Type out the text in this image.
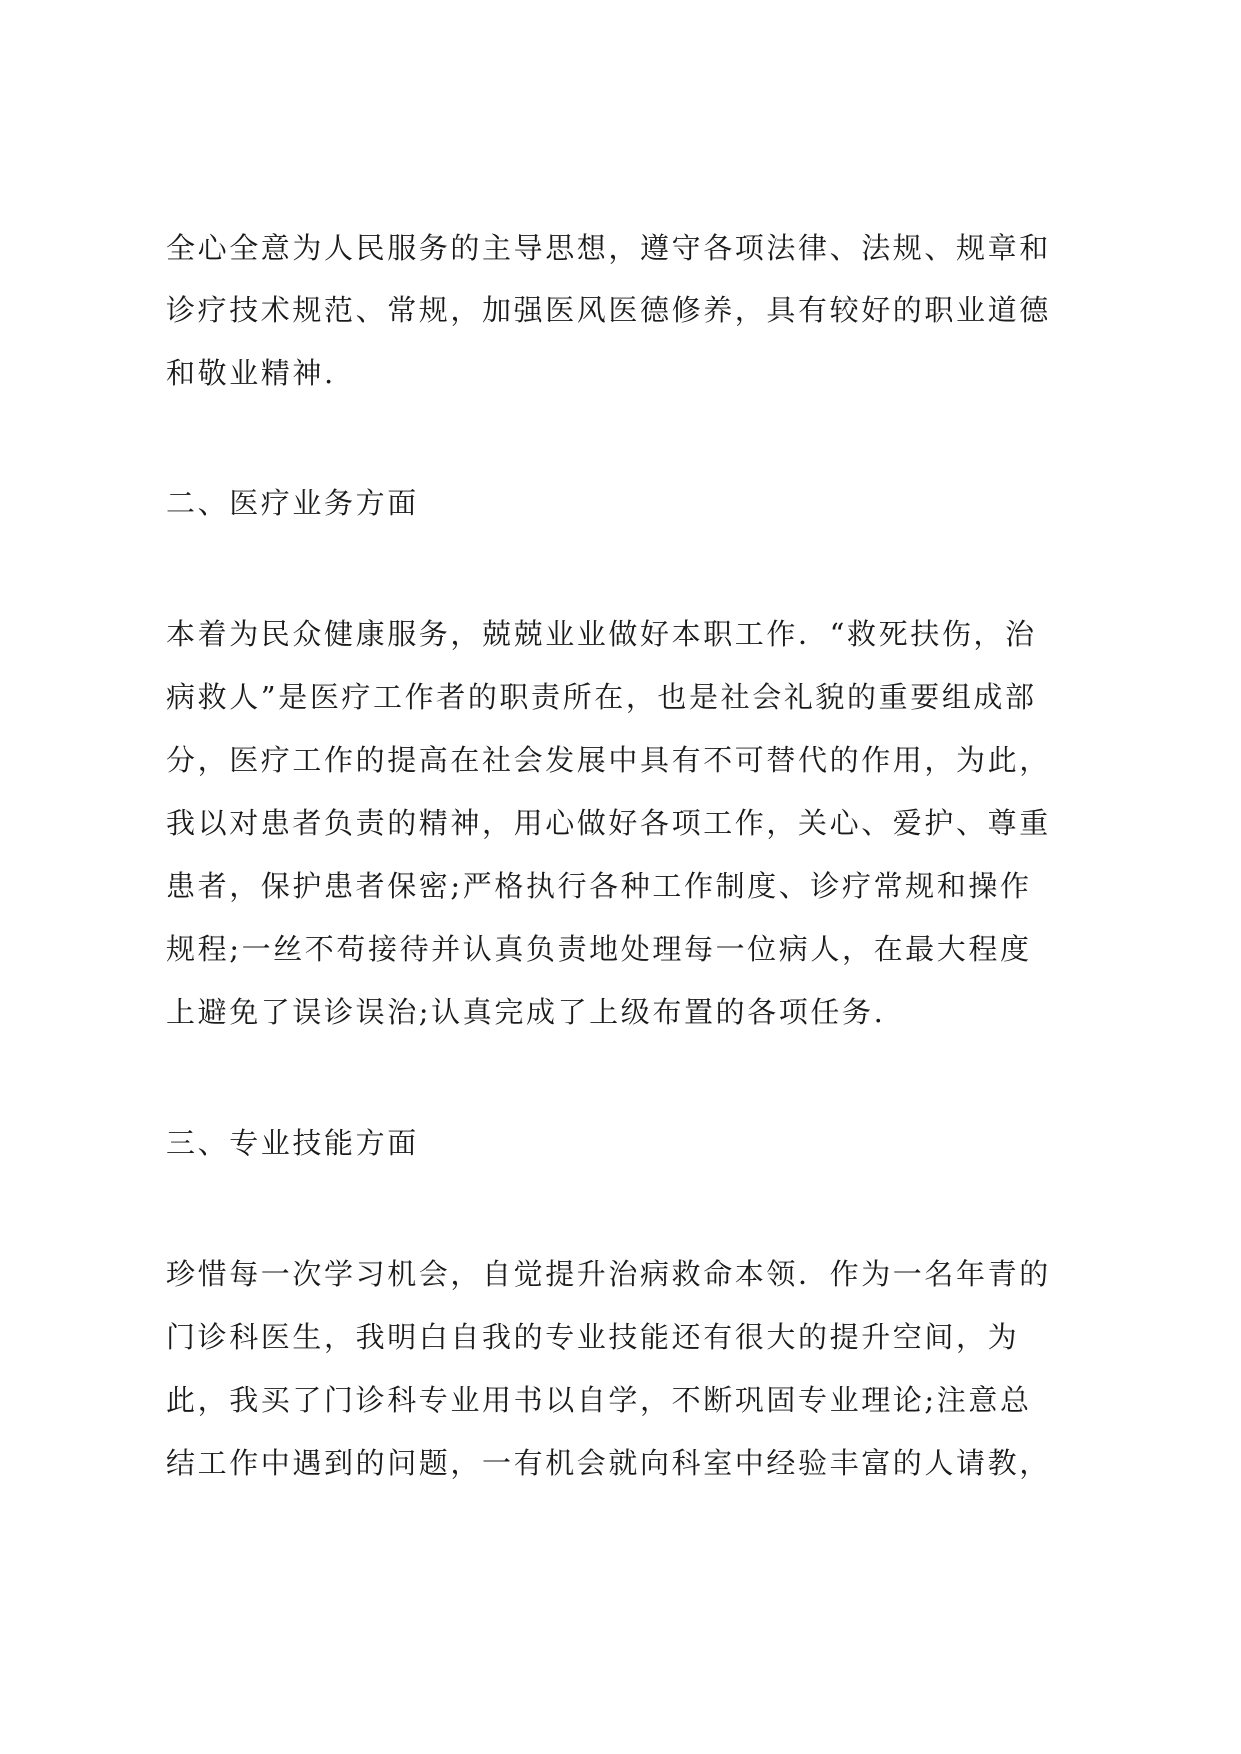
全心全意为人民服务的主导思想，遵守各项法律、法规、规章和

诊疗技术规范、常规，加强医风医德修养，具有较好的职业道德

和敬业精神.

二、医疗业务方面

本着为民众健康服务，兢兢业业做好本职工作．“救死扶伤，治

病救人”是医疗工作者的职责所在，也是社会礼貌的重要组成部

分，医疗工作的提高在社会发展中具有不可替代的作用，为此，

我以对患者负责的精神，用心做好各项工作，关心、爱护、尊重

患者，保护患者保密;严格执行各种工作制度、诊疗常规和操作

规程;一丝不苟接待并认真负责地处理每一位病人，在最大程度

上避免了误诊误治;认真完成了上级布置的各项任务.

三、专业技能方面

珍惜每一次学习机会，自觉提升治病救命本领．作为一名年青的

门诊科医生，我明白自我的专业技能还有很大的提升空间，为

此，我买了门诊科专业用书以自学，不断巩固专业理论;注意总

结工作中遇到的问题，一有机会就向科室中经验丰富的人请教，
